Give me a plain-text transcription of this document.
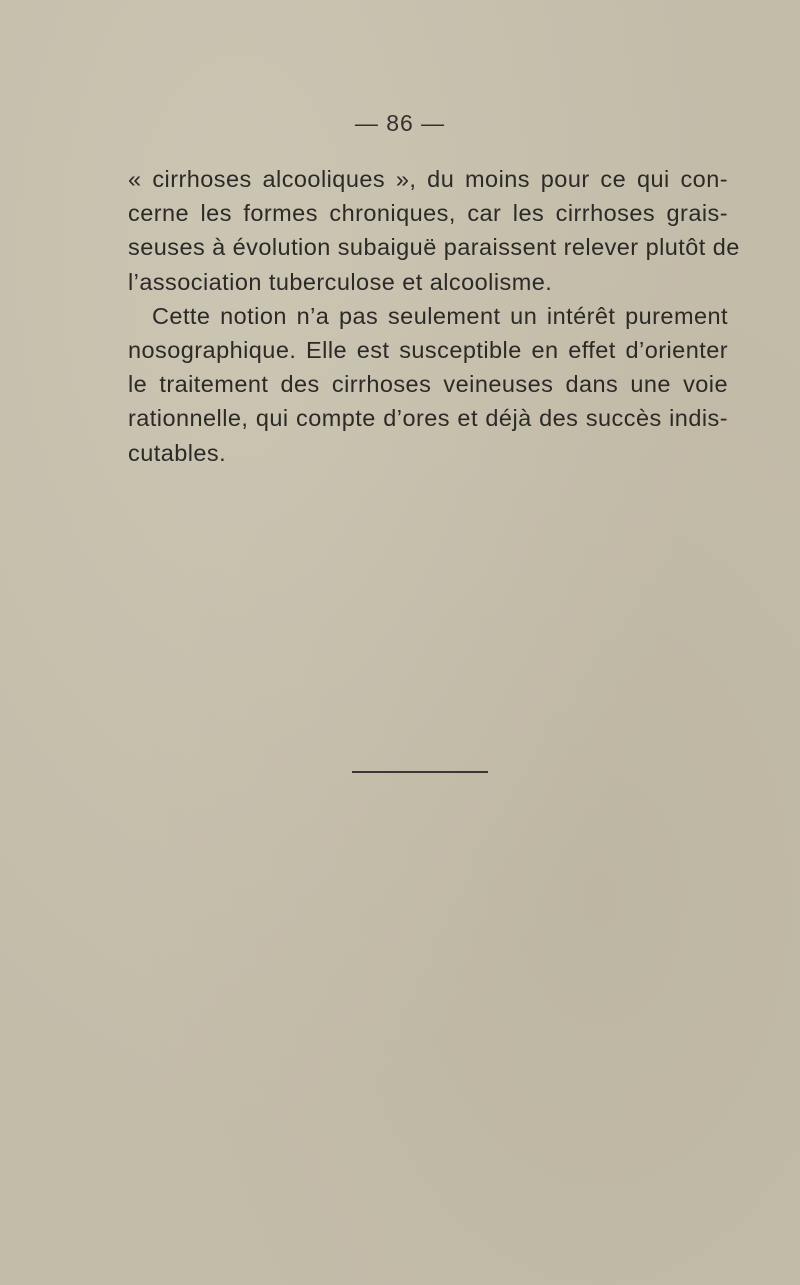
— 86 —

« cirrhoses alcooliques », du moins pour ce qui con-
cerne les formes chroniques, car les cirrhoses grais-
seuses à évolution subaiguë paraissent relever plutôt de
l’association tuberculose et alcoolisme.

Cette notion n’a pas seulement un intérêt purement
nosographique. Elle est susceptible en effet d’orienter
le traitement des cirrhoses veineuses dans une voie
rationnelle, qui compte d’ores et déjà des succès indis-
cutables.
